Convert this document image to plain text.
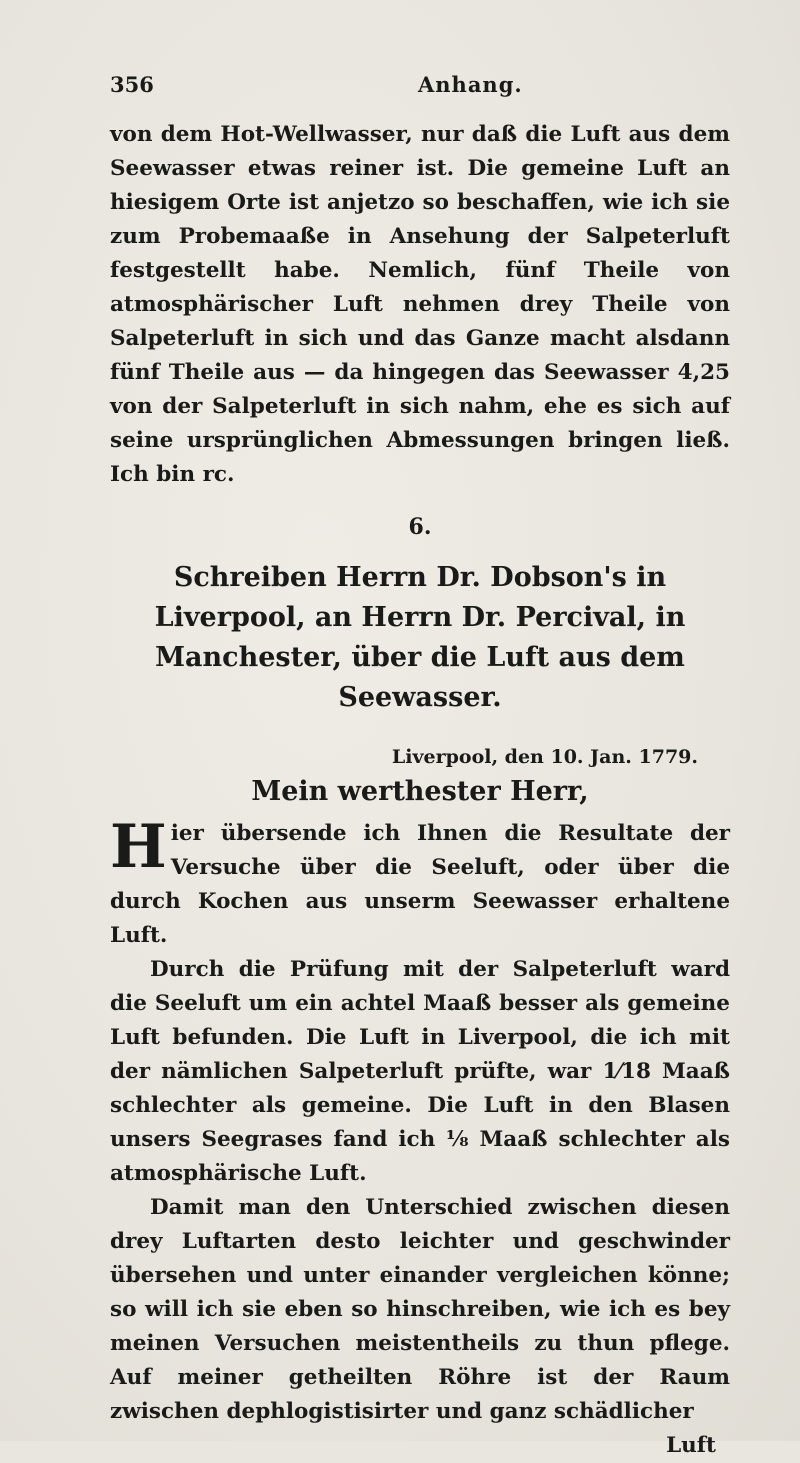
356	Anhang.

von dem Hot-Wellwasser, nur daß die Luft aus dem Seewasser etwas reiner ist. Die gemeine Luft an hiesigem Orte ist anjetzo so beschaffen, wie ich sie zum Probemaaße in Ansehung der Salpeterluft festgestellt habe. Nemlich, fünf Theile von atmosphärischer Luft nehmen drey Theile von Salpeterluft in sich und das Ganze macht alsdann fünf Theile aus — da hingegen das Seewasser 4,25 von der Salpeterluft in sich nahm, ehe es sich auf seine ursprünglichen Abmessungen bringen ließ. Ich bin rc.

6.
Schreiben Herrn Dr. Dobson's in Liverpool, an Herrn Dr. Percival, in Manchester, über die Luft aus dem Seewasser.
Liverpool, den 10. Jan. 1779.
Mein werthester Herr,

H ier übersende ich Ihnen die Resultate der Versuche über die Seeluft, oder über die durch Kochen aus unserm Seewasser erhaltene Luft.

Durch die Prüfung mit der Salpeterluft ward die Seeluft um ein achtel Maaß besser als gemeine Luft befunden. Die Luft in Liverpool, die ich mit der nämlichen Salpeterluft prüfte, war 1⁄18 Maaß schlechter als gemeine. Die Luft in den Blasen unsers Seegrases fand ich ⅛ Maaß schlechter als atmosphärische Luft.

Damit man den Unterschied zwischen diesen drey Luftarten desto leichter und geschwinder übersehen und unter einander vergleichen könne; so will ich sie eben so hinschreiben, wie ich es bey meinen Versuchen meistentheils zu thun pflege. Auf meiner getheilten Röhre ist der Raum zwischen dephlogistisirter und ganz schädlicher

Luft
